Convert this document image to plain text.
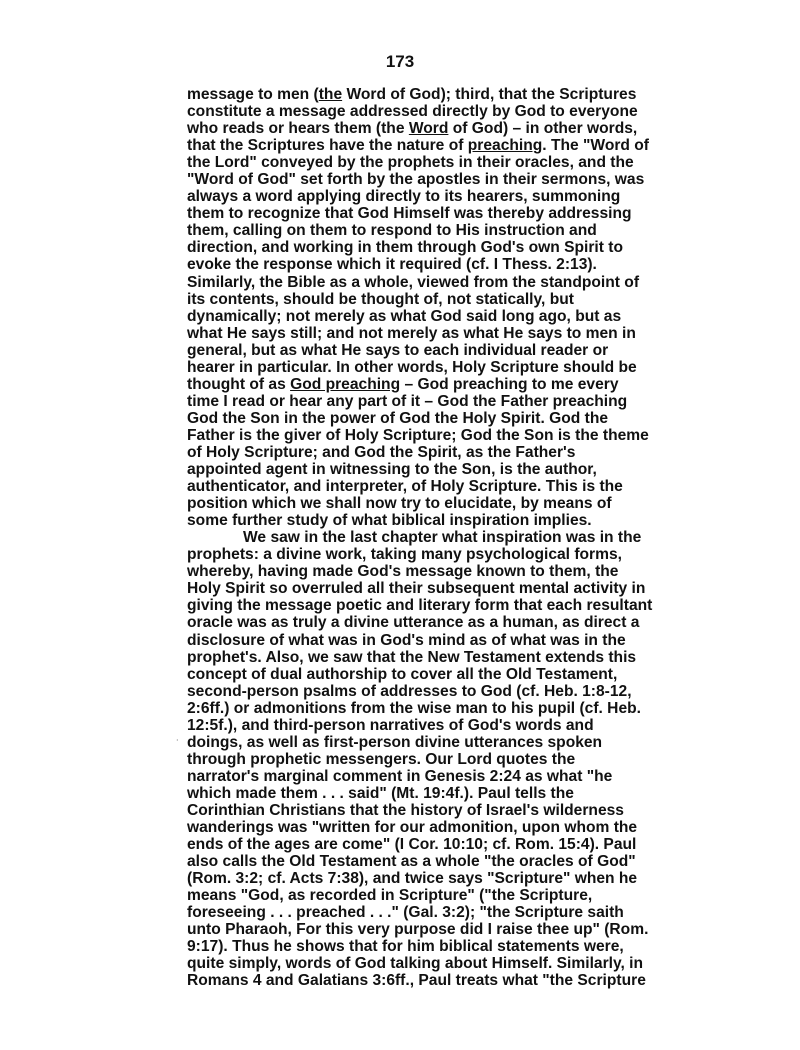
173
message to men (the Word of God); third, that the Scriptures
constitute a message addressed directly by God to everyone
who reads or hears them (the Word of God) – in other words,
that the Scriptures have the nature of preaching. The "Word of
the Lord" conveyed by the prophets in their oracles, and the
"Word of God" set forth by the apostles in their sermons, was
always a word applying directly to its hearers, summoning
them to recognize that God Himself was thereby addressing
them, calling on them to respond to His instruction and
direction, and working in them through God's own Spirit to
evoke the response which it required (cf. I Thess. 2:13).
Similarly, the Bible as a whole, viewed from the standpoint of
its contents, should be thought of, not statically, but
dynamically; not merely as what God said long ago, but as
what He says still; and not merely as what He says to men in
general, but as what He says to each individual reader or
hearer in particular. In other words, Holy Scripture should be
thought of as God preaching – God preaching to me every
time I read or hear any part of it – God the Father preaching
God the Son in the power of God the Holy Spirit. God the
Father is the giver of Holy Scripture; God the Son is the theme
of Holy Scripture; and God the Spirit, as the Father's
appointed agent in witnessing to the Son, is the author,
authenticator, and interpreter, of Holy Scripture. This is the
position which we shall now try to elucidate, by means of
some further study of what biblical inspiration implies.
We saw in the last chapter what inspiration was in the
prophets: a divine work, taking many psychological forms,
whereby, having made God's message known to them, the
Holy Spirit so overruled all their subsequent mental activity in
giving the message poetic and literary form that each resultant
oracle was as truly a divine utterance as a human, as direct a
disclosure of what was in God's mind as of what was in the
prophet's. Also, we saw that the New Testament extends this
concept of dual authorship to cover all the Old Testament,
second-person psalms of addresses to God (cf. Heb. 1:8-12,
2:6ff.) or admonitions from the wise man to his pupil (cf. Heb.
12:5f.), and third-person narratives of God's words and
doings, as well as first-person divine utterances spoken
through prophetic messengers. Our Lord quotes the
narrator's marginal comment in Genesis 2:24 as what "he
which made them . . . said" (Mt. 19:4f.). Paul tells the
Corinthian Christians that the history of Israel's wilderness
wanderings was "written for our admonition, upon whom the
ends of the ages are come" (I Cor. 10:10; cf. Rom. 15:4). Paul
also calls the Old Testament as a whole "the oracles of God"
(Rom. 3:2; cf. Acts 7:38), and twice says "Scripture" when he
means "God, as recorded in Scripture" ("the Scripture,
foreseeing . . . preached . . ." (Gal. 3:2); "the Scripture saith
unto Pharaoh, For this very purpose did I raise thee up" (Rom.
9:17). Thus he shows that for him biblical statements were,
quite simply, words of God talking about Himself. Similarly, in
Romans 4 and Galatians 3:6ff., Paul treats what "the Scripture
·
